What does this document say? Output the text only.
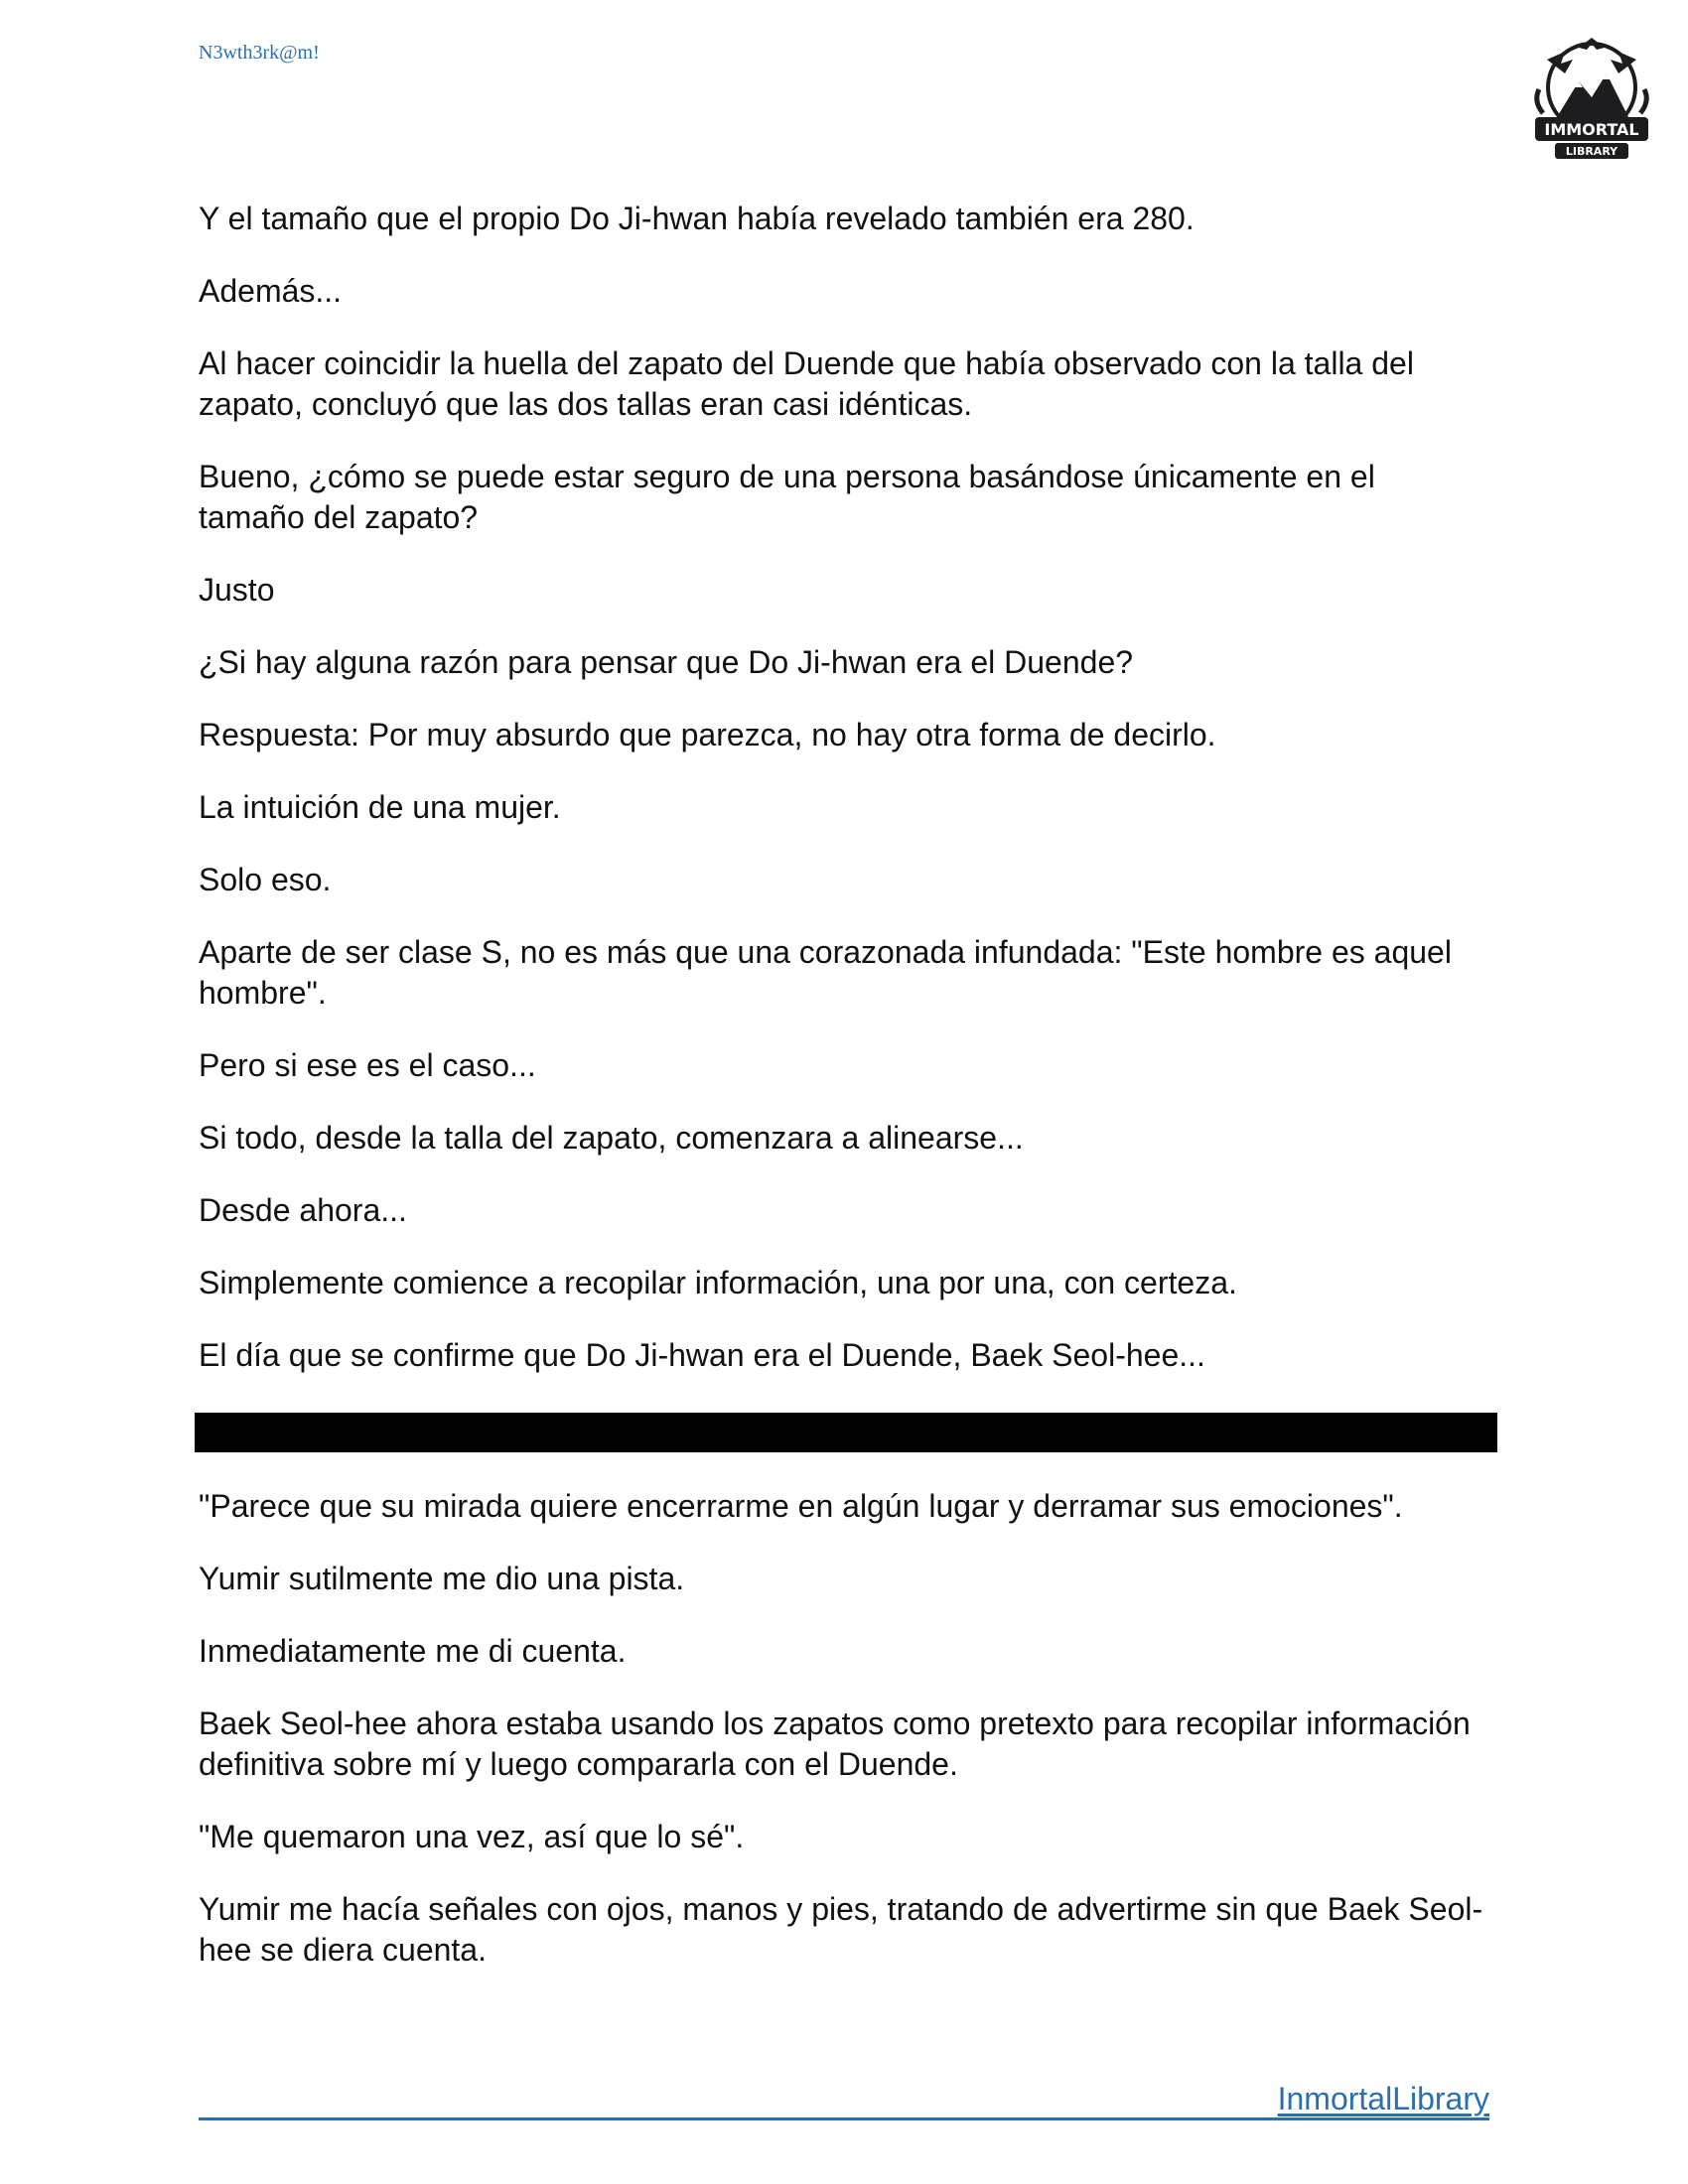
N3wth3rk@m!
IMMORTAL
LIBRARY

Y el tamaño que el propio Do Ji-hwan había revelado también era 280.

Además...

Al hacer coincidir la huella del zapato del Duende que había observado con la talla del zapato, concluyó que las dos tallas eran casi idénticas.

Bueno, ¿cómo se puede estar seguro de una persona basándose únicamente en el tamaño del zapato?

Justo

¿Si hay alguna razón para pensar que Do Ji-hwan era el Duende?

Respuesta: Por muy absurdo que parezca, no hay otra forma de decirlo.

La intuición de una mujer.

Solo eso.

Aparte de ser clase S, no es más que una corazonada infundada: "Este hombre es aquel hombre".

Pero si ese es el caso...

Si todo, desde la talla del zapato, comenzara a alinearse...

Desde ahora...

Simplemente comience a recopilar información, una por una, con certeza.

El día que se confirme que Do Ji-hwan era el Duende, Baek Seol-hee...

"Parece que su mirada quiere encerrarme en algún lugar y derramar sus emociones".

Yumir sutilmente me dio una pista.

Inmediatamente me di cuenta.

Baek Seol-hee ahora estaba usando los zapatos como pretexto para recopilar información definitiva sobre mí y luego compararla con el Duende.

"Me quemaron una vez, así que lo sé".

Yumir me hacía señales con ojos, manos y pies, tratando de advertirme sin que Baek Seol-hee se diera cuenta.

InmortalLibrary
